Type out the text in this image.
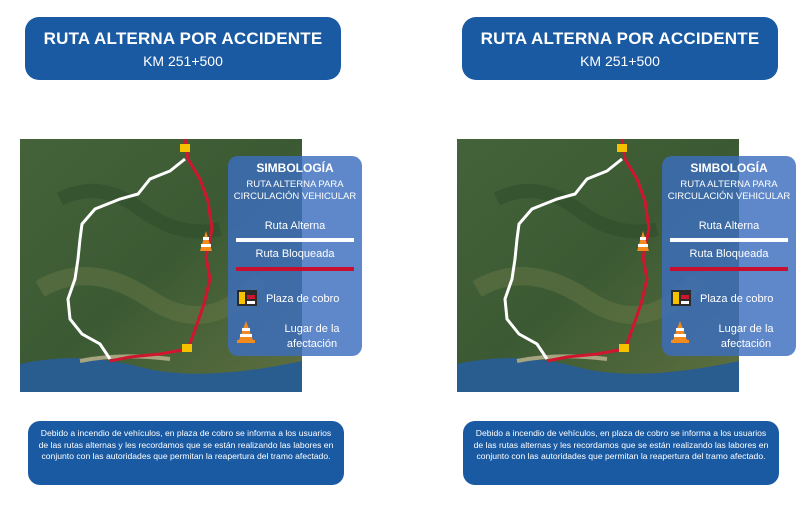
RUTA ALTERNA POR ACCIDENTE
KM 251+500
SIMBOLOGÍA
RUTA ALTERNA PARA CIRCULACIÓN VEHICULAR
Ruta Alterna
Ruta Bloqueada
Plaza de cobro
Lugar de la afectación
Debido a incendio de vehículos, en plaza de cobro se informa a los usuarios de las rutas alternas y les recordamos que se están realizando las labores en conjunto con las autoridades que permitan la reapertura del tramo afectado.
RUTA ALTERNA POR ACCIDENTE
KM 251+500
SIMBOLOGÍA
RUTA ALTERNA PARA CIRCULACIÓN VEHICULAR
Ruta Alterna
Ruta Bloqueada
Plaza de cobro
Lugar de la afectación
Debido a incendio de vehículos, en plaza de cobro se informa a los usuarios de las rutas alternas y les recordamos que se están realizando las labores en conjunto con las autoridades que permitan la reapertura del tramo afectado.
